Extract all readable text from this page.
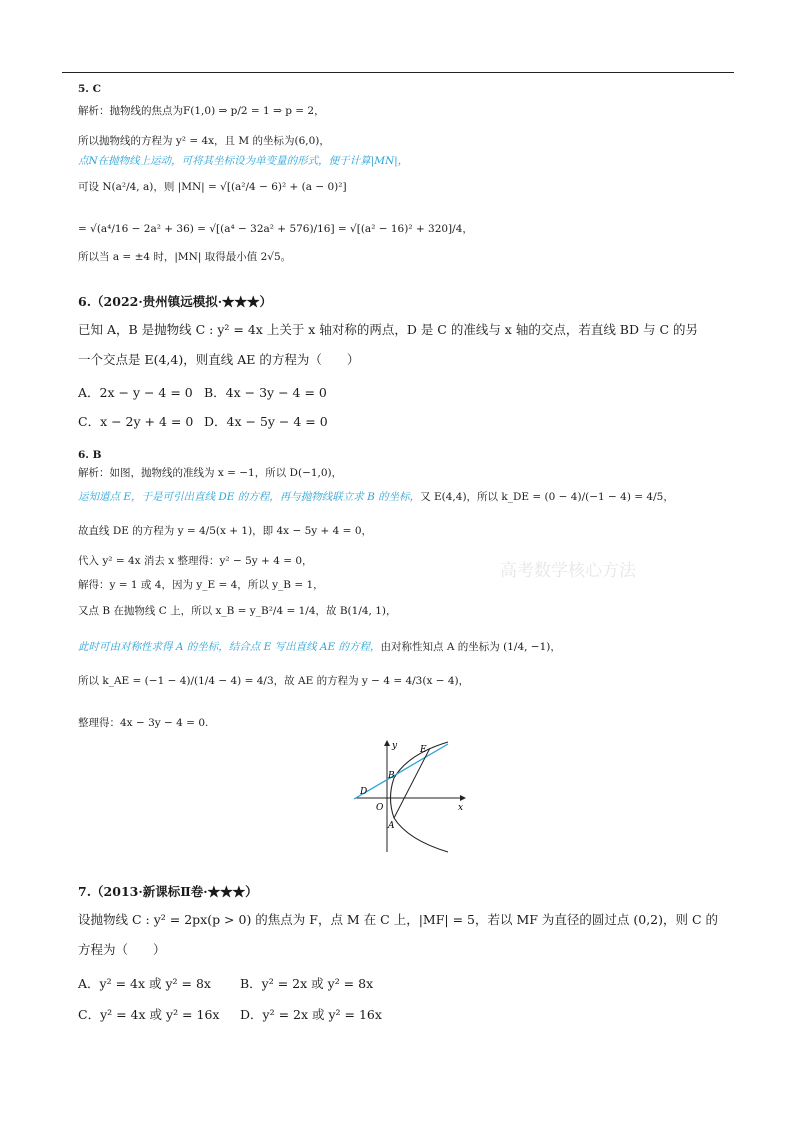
高考数学核心方法
5. C
解析：抛物线的焦点为F(1,0) ⇒ p/2 = 1 ⇒ p = 2，
所以抛物线的方程为 y² = 4x，且 M 的坐标为(6,0)，
点N在抛物线上运动，可将其坐标设为单变量的形式，便于计算|MN|，
可设 N(a²/4, a)，则 |MN| = √[(a²/4 − 6)² + (a − 0)²]
= √(a⁴/16 − 2a² + 36) = √[(a⁴ − 32a² + 576)/16] = √[(a² − 16)² + 320]/4，
所以当 a = ±4 时，|MN| 取得最小值 2√5。
6.（2022·贵州镇远模拟·★★★）
已知 A，B 是抛物线 C : y² = 4x 上关于 x 轴对称的两点，D 是 C 的准线与 x 轴的交点，若直线 BD 与 C 的另
一个交点是 E(4,4)，则直线 AE 的方程为（　　）
A．2x − y − 4 = 0 B．4x − 3y − 4 = 0
C．x − 2y + 4 = 0 D．4x − 5y − 4 = 0
6. B
解析：如图，抛物线的准线为 x = −1，所以 D(−1,0)，
运知道点 E，于是可引出直线 DE 的方程，再与抛物线联立求 B 的坐标，又 E(4,4)，所以 k_DE = (0 − 4)/(−1 − 4) = 4/5，
故直线 DE 的方程为 y = 4/5(x + 1)，即 4x − 5y + 4 = 0，
代入 y² = 4x 消去 x 整理得：y² − 5y + 4 = 0，
解得：y = 1 或 4，因为 y_E = 4，所以 y_B = 1，
又点 B 在抛物线 C 上，所以 x_B = y_B²/4 = 1/4，故 B(1/4, 1)，
此时可由对称性求得 A 的坐标，结合点 E 写出直线 AE 的方程，由对称性知点 A 的坐标为 (1/4, −1)，
所以 k_AE = (−1 − 4)/(1/4 − 4) = 4/3，故 AE 的方程为 y − 4 = 4/3(x − 4)，
整理得：4x − 3y − 4 = 0.
y
x
E
B
D
O
A
7.（2013·新课标Ⅱ卷·★★★）
设抛物线 C : y² = 2px(p > 0) 的焦点为 F，点 M 在 C 上，|MF| = 5，若以 MF 为直径的圆过点 (0,2)，则 C 的
方程为（　　）
A．y² = 4x 或 y² = 8x B．y² = 2x 或 y² = 8x
C．y² = 4x 或 y² = 16x D．y² = 2x 或 y² = 16x
